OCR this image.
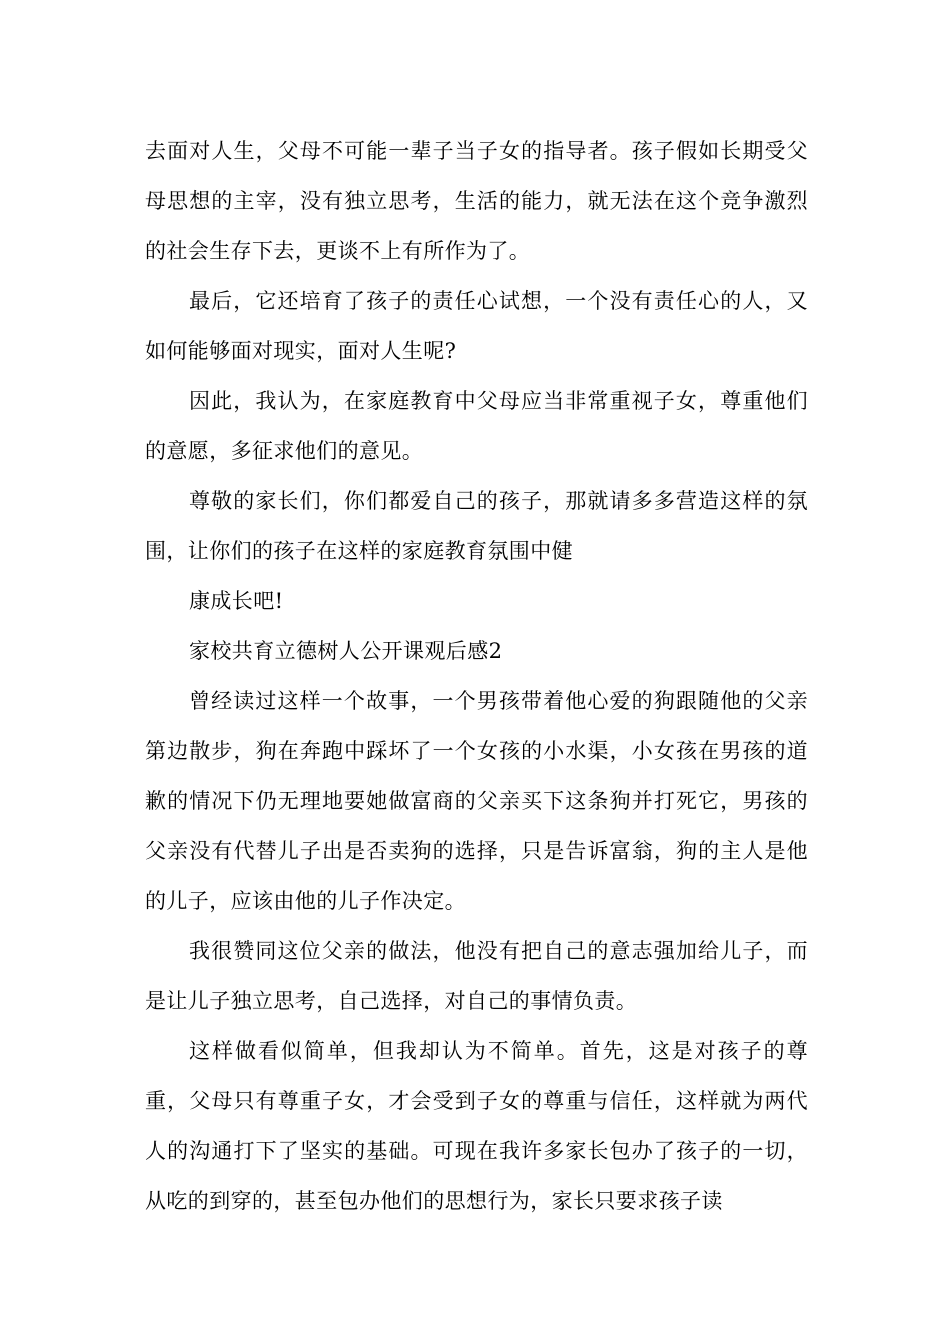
去面对人生，父母不可能一辈子当子女的指导者。孩子假如长期受父母思想的主宰，没有独立思考，生活的能力，就无法在这个竞争激烈的社会生存下去，更谈不上有所作为了。

最后，它还培育了孩子的责任心试想，一个没有责任心的人，又如何能够面对现实，面对人生呢?

因此，我认为，在家庭教育中父母应当非常重视子女，尊重他们的意愿，多征求他们的意见。

尊敬的家长们，你们都爱自己的孩子，那就请多多营造这样的氛围，让你们的孩子在这样的家庭教育氛围中健

康成长吧!

家校共育立德树人公开课观后感2

曾经读过这样一个故事，一个男孩带着他心爱的狗跟随他的父亲第边散步，狗在奔跑中踩坏了一个女孩的小水渠，小女孩在男孩的道歉的情况下仍无理地要她做富商的父亲买下这条狗并打死它，男孩的父亲没有代替儿子出是否卖狗的选择，只是告诉富翁，狗的主人是他的儿子，应该由他的儿子作决定。

我很赞同这位父亲的做法，他没有把自己的意志强加给儿子，而是让儿子独立思考，自己选择，对自己的事情负责。

这样做看似简单，但我却认为不简单。首先，这是对孩子的尊重，父母只有尊重子女，才会受到子女的尊重与信任，这样就为两代人的沟通打下了坚实的基础。可现在我许多家长包办了孩子的一切，从吃的到穿的，甚至包办他们的思想行为，家长只要求孩子读
